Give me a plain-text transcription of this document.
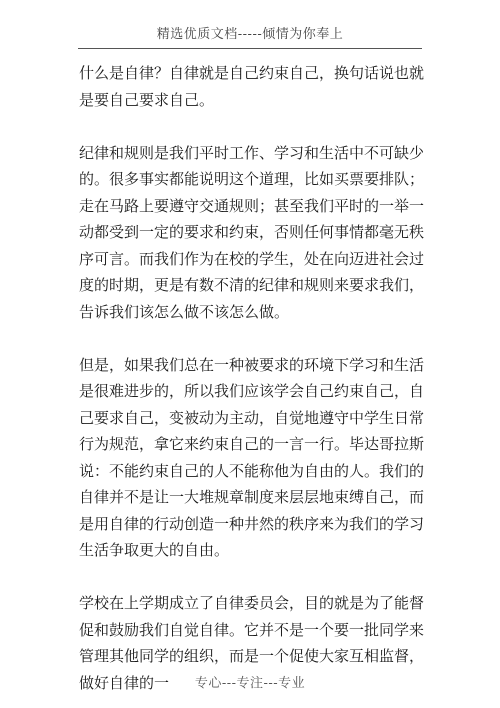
精选优质文档-----倾情为你奉上

什么是自律？自律就是自己约束自己，换句话说也就是要自己要求自己。

纪律和规则是我们平时工作、学习和生活中不可缺少的。很多事实都能说明这个道理，比如买票要排队；走在马路上要遵守交通规则；甚至我们平时的一举一动都受到一定的要求和约束，否则任何事情都毫无秩序可言。而我们作为在校的学生，处在向迈进社会过度的时期，更是有数不清的纪律和规则来要求我们，告诉我们该怎么做不该怎么做。

但是，如果我们总在一种被要求的环境下学习和生活是很难进步的，所以我们应该学会自己约束自己，自己要求自己，变被动为主动，自觉地遵守中学生日常行为规范，拿它来约束自己的一言一行。毕达哥拉斯说：不能约束自己的人不能称他为自由的人。我们的自律并不是让一大堆规章制度来层层地束缚自己，而是用自律的行动创造一种井然的秩序来为我们的学习生活争取更大的自由。

学校在上学期成立了自律委员会，目的就是为了能督促和鼓励我们自觉自律。它并不是一个要一批同学来管理其他同学的组织，而是一个促使大家互相监督，做好自律的一	专心---专注---专业
